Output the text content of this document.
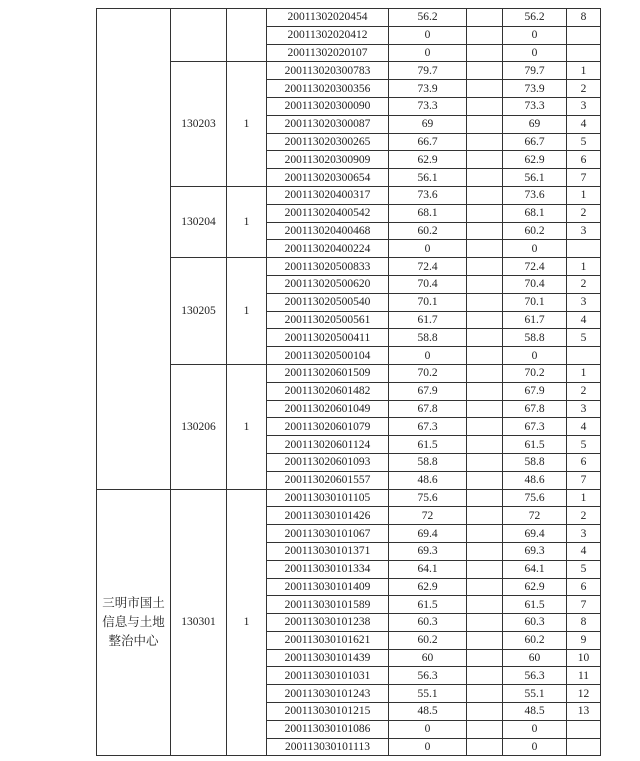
			20011302020454	56.2		56.2	8
			20011302020412	0		0	
			20011302020107	0		0	
	130203	1	200113020300783	79.7		79.7	1
			200113020300356	73.9		73.9	2
			200113020300090	73.3		73.3	3
			200113020300087	69		69	4
			200113020300265	66.7		66.7	5
			200113020300909	62.9		62.9	6
			200113020300654	56.1		56.1	7
	130204	1	200113020400317	73.6		73.6	1
			200113020400542	68.1		68.1	2
			200113020400468	60.2		60.2	3
			200113020400224	0		0	
	130205	1	200113020500833	72.4		72.4	1
			200113020500620	70.4		70.4	2
			200113020500540	70.1		70.1	3
			200113020500561	61.7		61.7	4
			200113020500411	58.8		58.8	5
			200113020500104	0		0	
	130206	1	200113020601509	70.2		70.2	1
			200113020601482	67.9		67.9	2
			200113020601049	67.8		67.8	3
			200113020601079	67.3		67.3	4
			200113020601124	61.5		61.5	5
			200113020601093	58.8		58.8	6
			200113020601557	48.6		48.6	7
三明市国土信息与土地整治中心	130301	1	200113030101105	75.6		75.6	1
			200113030101426	72		72	2
			200113030101067	69.4		69.4	3
			200113030101371	69.3		69.3	4
			200113030101334	64.1		64.1	5
			200113030101409	62.9		62.9	6
			200113030101589	61.5		61.5	7
			200113030101238	60.3		60.3	8
			200113030101621	60.2		60.2	9
			200113030101439	60		60	10
			200113030101031	56.3		56.3	11
			200113030101243	55.1		55.1	12
			200113030101215	48.5		48.5	13
			200113030101086	0		0	
			200113030101113	0		0	
